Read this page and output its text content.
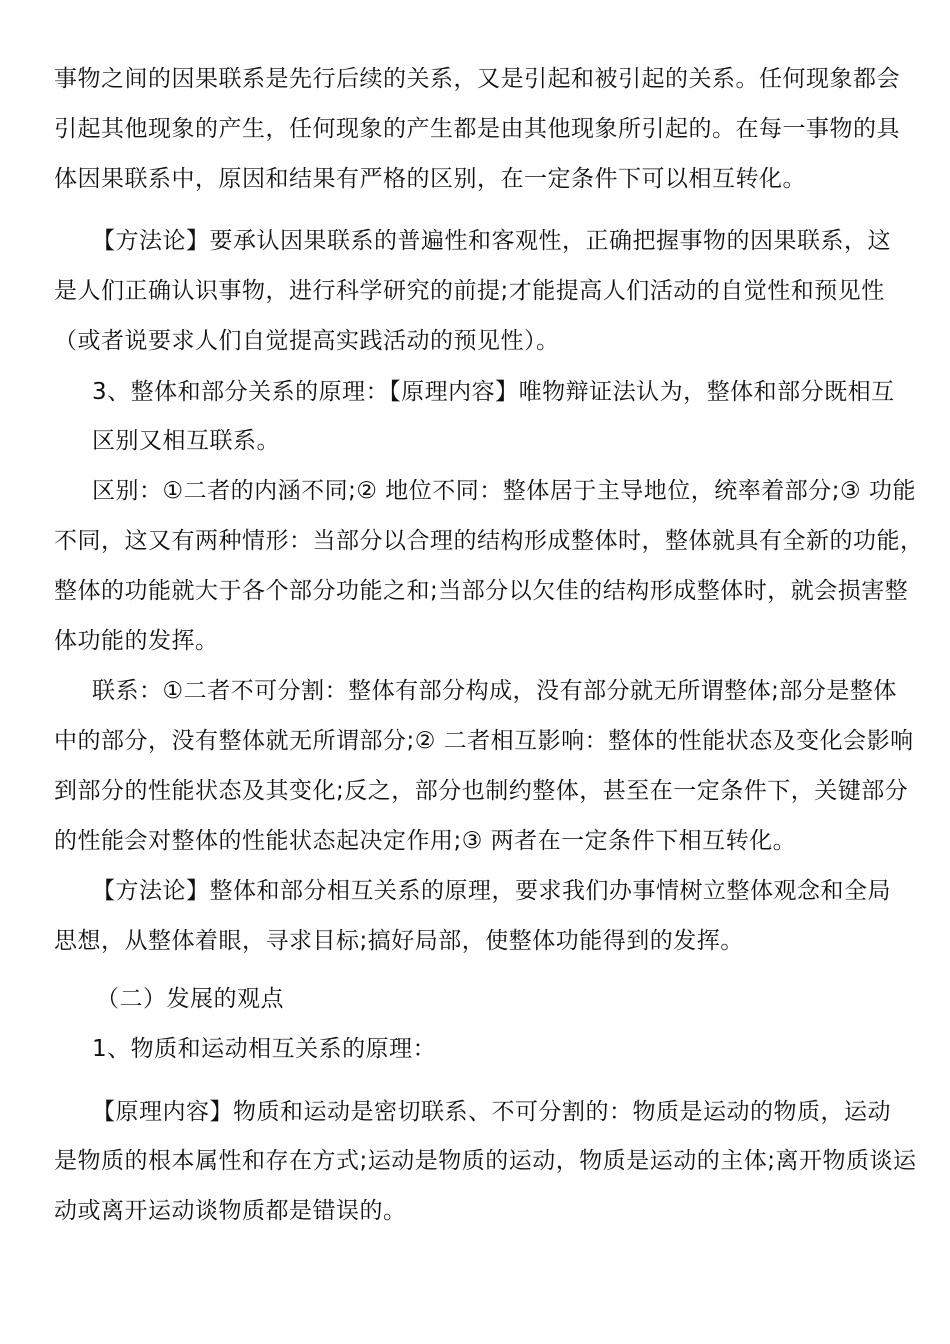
事物之间的因果联系是先行后续的关系，又是引起和被引起的关系。任何现象都会
引起其他现象的产生，任何现象的产生都是由其他现象所引起的。在每一事物的具
体因果联系中，原因和结果有严格的区别，在一定条件下可以相互转化。
【方法论】要承认因果联系的普遍性和客观性，正确把握事物的因果联系，这
是人们正确认识事物，进行科学研究的前提;才能提高人们活动的自觉性和预见性
（或者说要求人们自觉提高实践活动的预见性）。
3、整体和部分关系的原理：【原理内容】唯物辩证法认为，整体和部分既相互
区别又相互联系。
区别：①二者的内涵不同;② 地位不同：整体居于主导地位，统率着部分;③ 功能
不同，这又有两种情形：当部分以合理的结构形成整体时，整体就具有全新的功能，
整体的功能就大于各个部分功能之和;当部分以欠佳的结构形成整体时，就会损害整
体功能的发挥。
联系：①二者不可分割：整体有部分构成，没有部分就无所谓整体;部分是整体
中的部分，没有整体就无所谓部分;② 二者相互影响：整体的性能状态及变化会影响
到部分的性能状态及其变化;反之，部分也制约整体，甚至在一定条件下，关键部分
的性能会对整体的性能状态起决定作用;③ 两者在一定条件下相互转化。
【方法论】整体和部分相互关系的原理，要求我们办事情树立整体观念和全局
思想，从整体着眼，寻求目标;搞好局部，使整体功能得到的发挥。
（二）发展的观点
1、物质和运动相互关系的原理：
【原理内容】物质和运动是密切联系、不可分割的：物质是运动的物质，运动
是物质的根本属性和存在方式;运动是物质的运动，物质是运动的主体;离开物质谈运
动或离开运动谈物质都是错误的。
